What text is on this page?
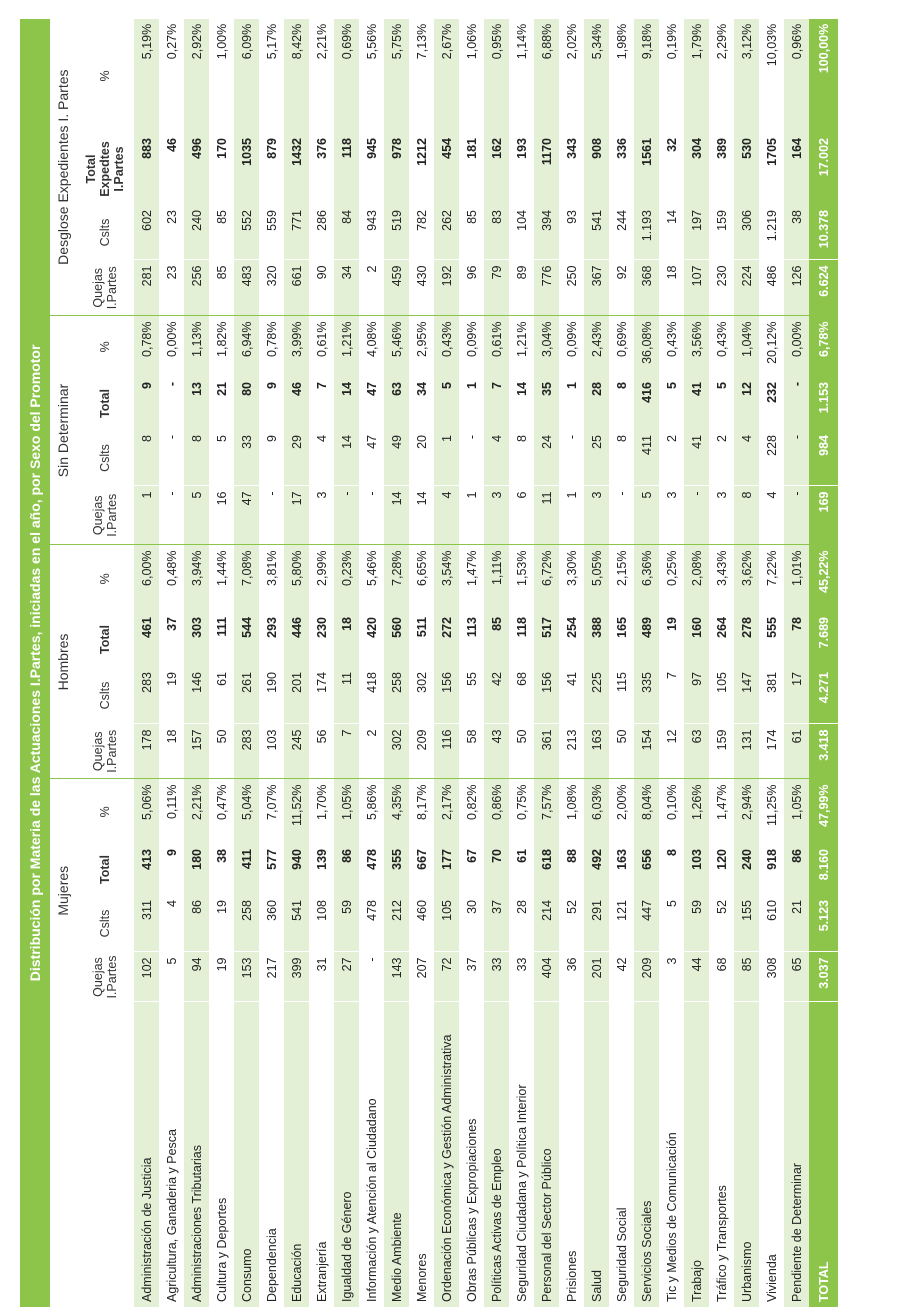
Distribución por Materia de las Actuaciones I.Partes, iniciadas en el año, por Sexo del Promotor																
	Mujeres				Hombres				Sin Determinar				Desglose Expedientes I. Partes			
	Quejas I.Partes	Cslts	Total	%	Quejas I.Partes	Cslts	Total	%	Quejas I.Partes	Cslts	Total	%	Quejas I.Partes	Cslts	Total Expedtes I.Partes	%
Administración de Justicia	102	311	413	5,06%	178	283	461	6,00%	1	8	9	0,78%	281	602	883	5,19%
Agricultura, Ganaderia y Pesca	5	4	9	0,11%	18	19	37	0,48%	-	-	-	0,00%	23	23	46	0,27%
Administraciones Tributarias	94	86	180	2,21%	157	146	303	3,94%	5	8	13	1,13%	256	240	496	2,92%
Cultura y Deportes	19	19	38	0,47%	50	61	111	1,44%	16	5	21	1,82%	85	85	170	1,00%
Consumo	153	258	411	5,04%	283	261	544	7,08%	47	33	80	6,94%	483	552	1035	6,09%
Dependencia	217	360	577	7,07%	103	190	293	3,81%	-	9	9	0,78%	320	559	879	5,17%
Educación	399	541	940	11,52%	245	201	446	5,80%	17	29	46	3,99%	661	771	1432	8,42%
Extranjería	31	108	139	1,70%	56	174	230	2,99%	3	4	7	0,61%	90	286	376	2,21%
Igualdad de Género	27	59	86	1,05%	7	11	18	0,23%	-	14	14	1,21%	34	84	118	0,69%
Información y Atención al Ciudadano	-	478	478	5,86%	2	418	420	5,46%	-	47	47	4,08%	2	943	945	5,56%
Medio Ambiente	143	212	355	4,35%	302	258	560	7,28%	14	49	63	5,46%	459	519	978	5,75%
Menores	207	460	667	8,17%	209	302	511	6,65%	14	20	34	2,95%	430	782	1212	7,13%
Ordenación Económica y Gestión Administrativa	72	105	177	2,17%	116	156	272	3,54%	4	1	5	0,43%	192	262	454	2,67%
Obras Públicas y Expropiaciones	37	30	67	0,82%	58	55	113	1,47%	1	-	1	0,09%	96	85	181	1,06%
Políticas Activas de Empleo	33	37	70	0,86%	43	42	85	1,11%	3	4	7	0,61%	79	83	162	0,95%
Seguridad Ciudadana y Política Interior	33	28	61	0,75%	50	68	118	1,53%	6	8	14	1,21%	89	104	193	1,14%
Personal del Sector Público	404	214	618	7,57%	361	156	517	6,72%	11	24	35	3,04%	776	394	1170	6,88%
Prisiones	36	52	88	1,08%	213	41	254	3,30%	1	-	1	0,09%	250	93	343	2,02%
Salud	201	291	492	6,03%	163	225	388	5,05%	3	25	28	2,43%	367	541	908	5,34%
Seguridad Social	42	121	163	2,00%	50	115	165	2,15%	-	8	8	0,69%	92	244	336	1,98%
Servicios Sociales	209	447	656	8,04%	154	335	489	6,36%	5	411	416	36,08%	368	1.193	1561	9,18%
Tic y Medios de Comunicación	3	5	8	0,10%	12	7	19	0,25%	3	2	5	0,43%	18	14	32	0,19%
Trabajo	44	59	103	1,26%	63	97	160	2,08%	-	41	41	3,56%	107	197	304	1,79%
Tráfico y Transportes	68	52	120	1,47%	159	105	264	3,43%	3	2	5	0,43%	230	159	389	2,29%
Urbanismo	85	155	240	2,94%	131	147	278	3,62%	8	4	12	1,04%	224	306	530	3,12%
Vivienda	308	610	918	11,25%	174	381	555	7,22%	4	228	232	20,12%	486	1.219	1705	10,03%
Pendiente de Determinar	65	21	86	1,05%	61	17	78	1,01%	-	-	-	0,00%	126	38	164	0,96%
TOTAL	3.037	5.123	8.160	47,99%	3.418	4.271	7.689	45,22%	169	984	1.153	6,78%	6.624	10.378	17.002	100,00%
